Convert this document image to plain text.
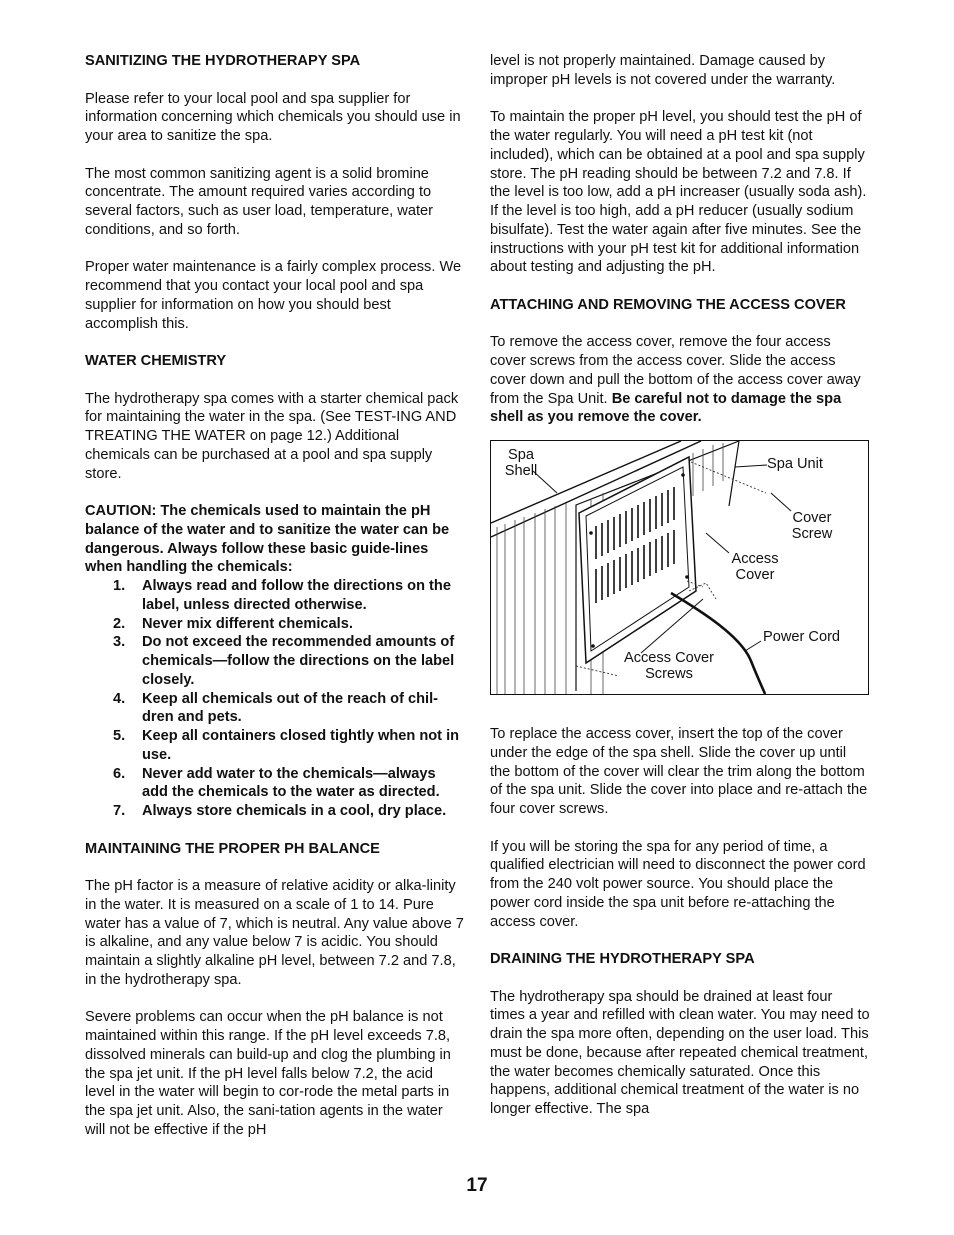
SANITIZING THE HYDROTHERAPY SPA

Please refer to your local pool and spa supplier for information concerning which chemicals you should use in your area to sanitize the spa.

The most common sanitizing agent is a solid bromine concentrate. The amount required varies according to several factors, such as user load, temperature, water conditions, and so forth.

Proper water maintenance is a fairly complex process. We recommend that you contact your local pool and spa supplier for information on how you should best accomplish this.

WATER CHEMISTRY

The hydrotherapy spa comes with a starter chemical pack for maintaining the water in the spa. (See TEST-ING AND TREATING THE WATER on page 12.) Additional chemicals can be purchased at a pool and spa supply store.

CAUTION: The chemicals used to maintain the pH balance of the water and to sanitize the water can be dangerous. Always follow these basic guide-lines when handling the chemicals:

1. Always read and follow the directions on the label, unless directed otherwise.
2. Never mix different chemicals.
3. Do not exceed the recommended amounts of chemicals—follow the directions on the label closely.
4. Keep all chemicals out of the reach of chil-dren and pets.
5. Keep all containers closed tightly when not in use.
6. Never add water to the chemicals—always add the chemicals to the water as directed.
7. Always store chemicals in a cool, dry place.
MAINTAINING THE PROPER PH BALANCE

The pH factor is a measure of relative acidity or alka-linity in the water. It is measured on a scale of 1 to 14. Pure water has a value of 7, which is neutral. Any value above 7 is alkaline, and any value below 7 is acidic. You should maintain a slightly alkaline pH level, between 7.2 and 7.8, in the hydrotherapy spa.

Severe problems can occur when the pH balance is not maintained within this range. If the pH level exceeds 7.8, dissolved minerals can build-up and clog the plumbing in the spa jet unit. If the pH level falls below 7.2, the acid level in the water will begin to cor-rode the metal parts in the spa jet unit. Also, the sani-tation agents in the water will not be effective if the pH

level is not properly maintained. Damage caused by improper pH levels is not covered under the warranty.

To maintain the proper pH level, you should test the pH of the water regularly. You will need a pH test kit (not included), which can be obtained at a pool and spa supply store. The pH reading should be between 7.2 and 7.8. If the level is too low, add a pH increaser (usually soda ash). If the level is too high, add a pH reducer (usually sodium bisulfate). Test the water again after five minutes. See the instructions with your pH test kit for additional information about testing and adjusting the pH.

ATTACHING AND REMOVING THE ACCESS COVER

To remove the access cover, remove the four access cover screws from the access cover. Slide the access cover down and pull the bottom of the access cover away from the Spa Unit. Be careful not to damage the spa shell as you remove the cover.

Spa
Shell	Spa Unit
Cover
Screw
Access
Cover
Power Cord
Access Cover
Screws

To replace the access cover, insert the top of the cover under the edge of the spa shell. Slide the cover up until the bottom of the cover will clear the trim along the bottom of the spa unit. Slide the cover into place and re-attach the four cover screws.

If you will be storing the spa for any period of time, a qualified electrician will need to disconnect the power cord from the 240 volt power source. You should place the power cord inside the spa unit before re-attaching the access cover.

DRAINING THE HYDROTHERAPY SPA

The hydrotherapy spa should be drained at least four times a year and refilled with clean water. You may need to drain the spa more often, depending on the user load. This must be done, because after repeated chemical treatment, the water becomes chemically saturated. Once this happens, additional chemical treatment of the water is no longer effective. The spa

17
